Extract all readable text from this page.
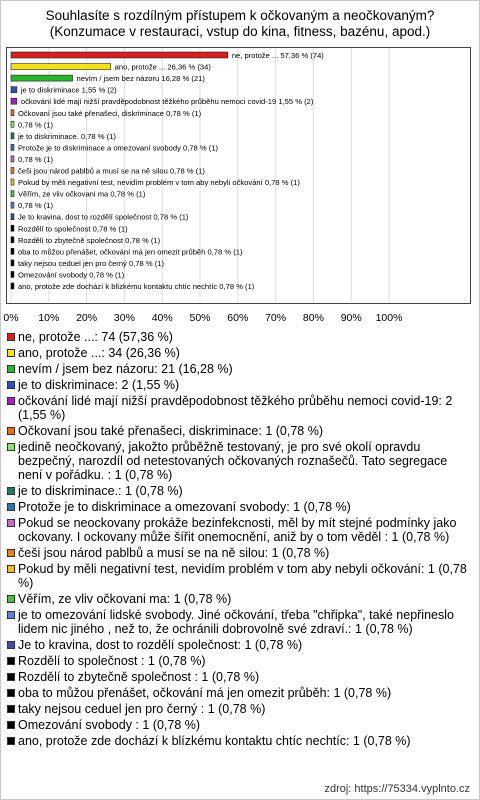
Souhlasíte s rozdílným přístupem k očkovaným a neočkovaným?
(Konzumace v restauraci, vstup do kina, fitness, bazénu, apod.)
ne, protože ... 57,36 % (74)
ano, protože ... 26,36 % (34)
nevím / jsem bez názoru 16,28 % (21)
je to diskriminace 1,55 % (2)
očkování lidé mají nižší pravděpodobnost těžkého průběhu nemoci covid-19 1,55 % (2)
Očkovaní jsou také přenašeci, diskriminace 0,78 % (1)
0,78 % (1)
je to diskriminace. 0,78 % (1)
Protože je to diskriminace a omezovaní svobody 0,78 % (1)
0,78 % (1)
češi jsou národ pablbů a musí se na ně silou 0,78 % (1)
Pokud by měli negativní test, nevidím problém v tom aby nebyli očkování 0,78 % (1)
Věřím, ze vliv očkovani ma 0,78 % (1)
0,78 % (1)
Je to kravina, dost to rozdělí společnost 0,78 % (1)
Rozdělí to společnost 0,78 % (1)
Rozdělí to zbytečně společnost 0,78 % (1)
oba to můžou přenášet, očkování má jen omezit průběh 0,78 % (1)
taky nejsou ceduel jen pro černý 0,78 % (1)
Omezování svobody 0,78 % (1)
ano, protože zde dochází k blízkému kontaktu chtíc nechtíc 0,78 % (1)
0% 10% 20% 30% 40% 50% 60% 70% 80% 90% 100%
ne, protože ...: 74 (57,36 %)
ano, protože ...: 34 (26,36 %)
nevím / jsem bez názoru: 21 (16,28 %)
je to diskriminace: 2 (1,55 %)
očkování lidé mají nižší pravděpodobnost těžkého průběhu nemoci covid-19: 2 (1,55 %)
Očkovaní jsou také přenašeci, diskriminace: 1 (0,78 %)
jedině neočkovaný, jakožto průběžně testovaný, je pro své okolí opravdu bezpečný, narozdíl od netestovaných očkovaných roznašečů. Tato segregace není v pořádku. : 1 (0,78 %)
je to diskriminace.: 1 (0,78 %)
Protože je to diskriminace a omezovaní svobody: 1 (0,78 %)
Pokud se neockovany prokáže bezinfekcnosti, měl by mít stejné podmínky jako ockovany. I ockovany může šířit onemocnění, aniž by o tom věděl : 1 (0,78 %)
češi jsou národ pablbů a musí se na ně silou: 1 (0,78 %)
Pokud by měli negativní test, nevidím problém v tom aby nebyli očkování: 1 (0,78 %)
Věřím, ze vliv očkovani ma: 1 (0,78 %)
je to omezování lidské svobody. Jiné očkování, třeba "chřipka", také nepřineslo lidem nic jiného , než to, že ochránili dobrovolně své zdraví.: 1 (0,78 %)
Je to kravina, dost to rozdělí společnost: 1 (0,78 %)
Rozdělí to společnost : 1 (0,78 %)
Rozdělí to zbytečně společnost : 1 (0,78 %)
oba to můžou přenášet, očkování má jen omezit průběh: 1 (0,78 %)
taky nejsou ceduel jen pro černý : 1 (0,78 %)
Omezování svobody : 1 (0,78 %)
ano, protože zde dochází k blízkému kontaktu chtíc nechtíc: 1 (0,78 %)
zdroj: https://75334.vyplnto.cz
